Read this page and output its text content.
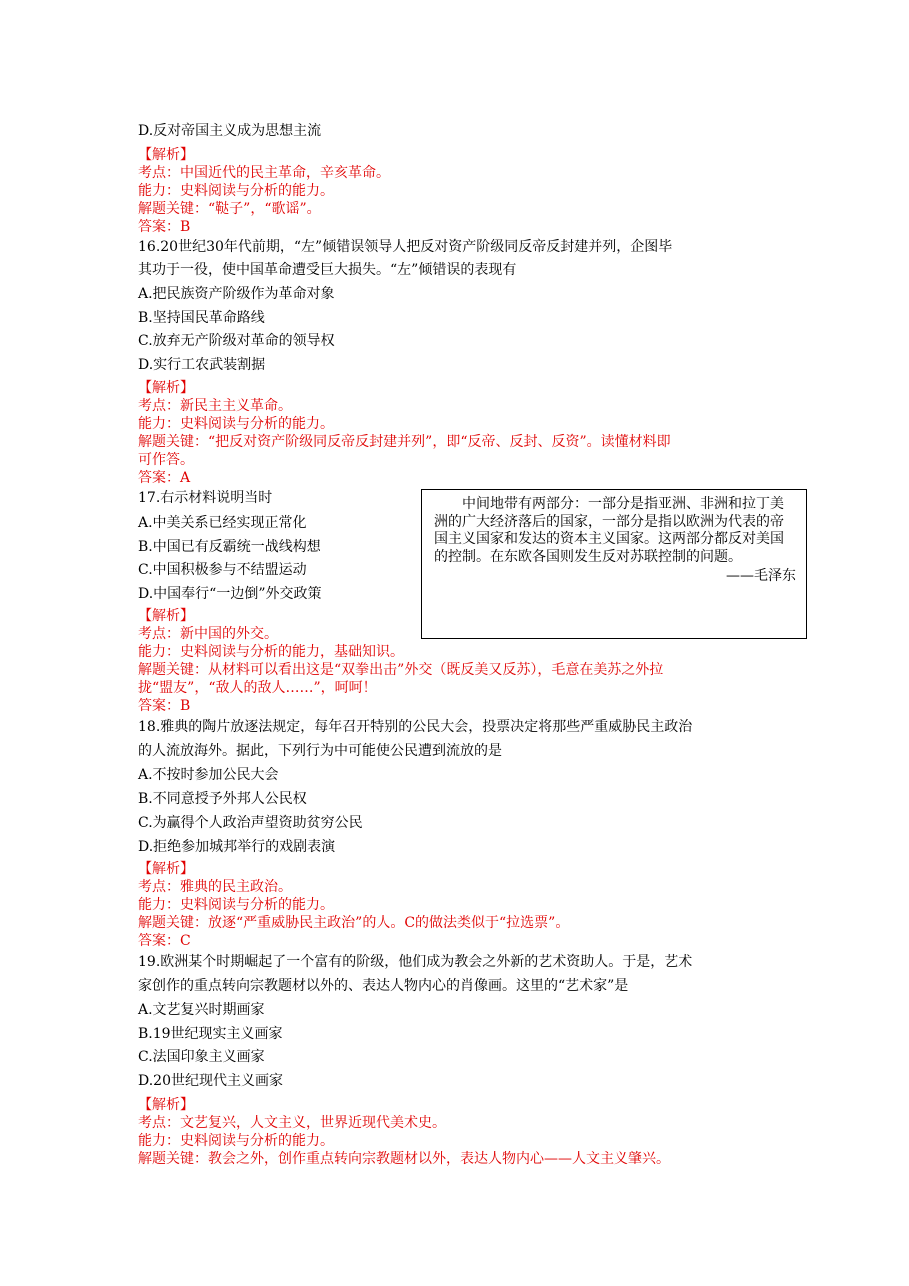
D.反对帝国主义成为思想主流
【解析】
考点：中国近代的民主革命，辛亥革命。
能力：史料阅读与分析的能力。
解题关键：“鞑子”，“歌谣”。
答案：B
16.20世纪30年代前期，“左”倾错误领导人把反对资产阶级同反帝反封建并列，企图毕
其功于一役，使中国革命遭受巨大损失。“左”倾错误的表现有
A.把民族资产阶级作为革命对象
B.坚持国民革命路线
C.放弃无产阶级对革命的领导权
D.实行工农武装割据
【解析】
考点：新民主主义革命。
能力：史料阅读与分析的能力。
解题关键：“把反对资产阶级同反帝反封建并列”，即“反帝、反封、反资”。读懂材料即
可作答。
答案：A
17.右示材料说明当时
A.中美关系已经实现正常化
B.中国已有反霸统一战线构想
C.中国积极参与不结盟运动
D.中国奉行“一边倒”外交政策
中间地带有两部分：一部分是指亚洲、非洲和拉丁美洲的广大经济落后的国家，一部分是指以欧洲为代表的帝国主义国家和发达的资本主义国家。这两部分都反对美国的控制。在东欧各国则发生反对苏联控制的问题。
——毛泽东
【解析】
考点：新中国的外交。
能力：史料阅读与分析的能力，基础知识。
解题关键：从材料可以看出这是“双拳出击”外交（既反美又反苏），毛意在美苏之外拉
拢“盟友”，“敌人的敌人……”，呵呵！
答案：B
18.雅典的陶片放逐法规定，每年召开特别的公民大会，投票决定将那些严重威胁民主政治
的人流放海外。据此，下列行为中可能使公民遭到流放的是
A.不按时参加公民大会
B.不同意授予外邦人公民权
C.为赢得个人政治声望资助贫穷公民
D.拒绝参加城邦举行的戏剧表演
【解析】
考点：雅典的民主政治。
能力：史料阅读与分析的能力。
解题关键：放逐“严重威胁民主政治”的人。C的做法类似于“拉选票”。
答案：C
19.欧洲某个时期崛起了一个富有的阶级，他们成为教会之外新的艺术资助人。于是，艺术
家创作的重点转向宗教题材以外的、表达人物内心的肖像画。这里的“艺术家”是
A.文艺复兴时期画家
B.19世纪现实主义画家
C.法国印象主义画家
D.20世纪现代主义画家
【解析】
考点：文艺复兴，人文主义，世界近现代美术史。
能力：史料阅读与分析的能力。
解题关键：教会之外，创作重点转向宗教题材以外，表达人物内心——人文主义肇兴。
